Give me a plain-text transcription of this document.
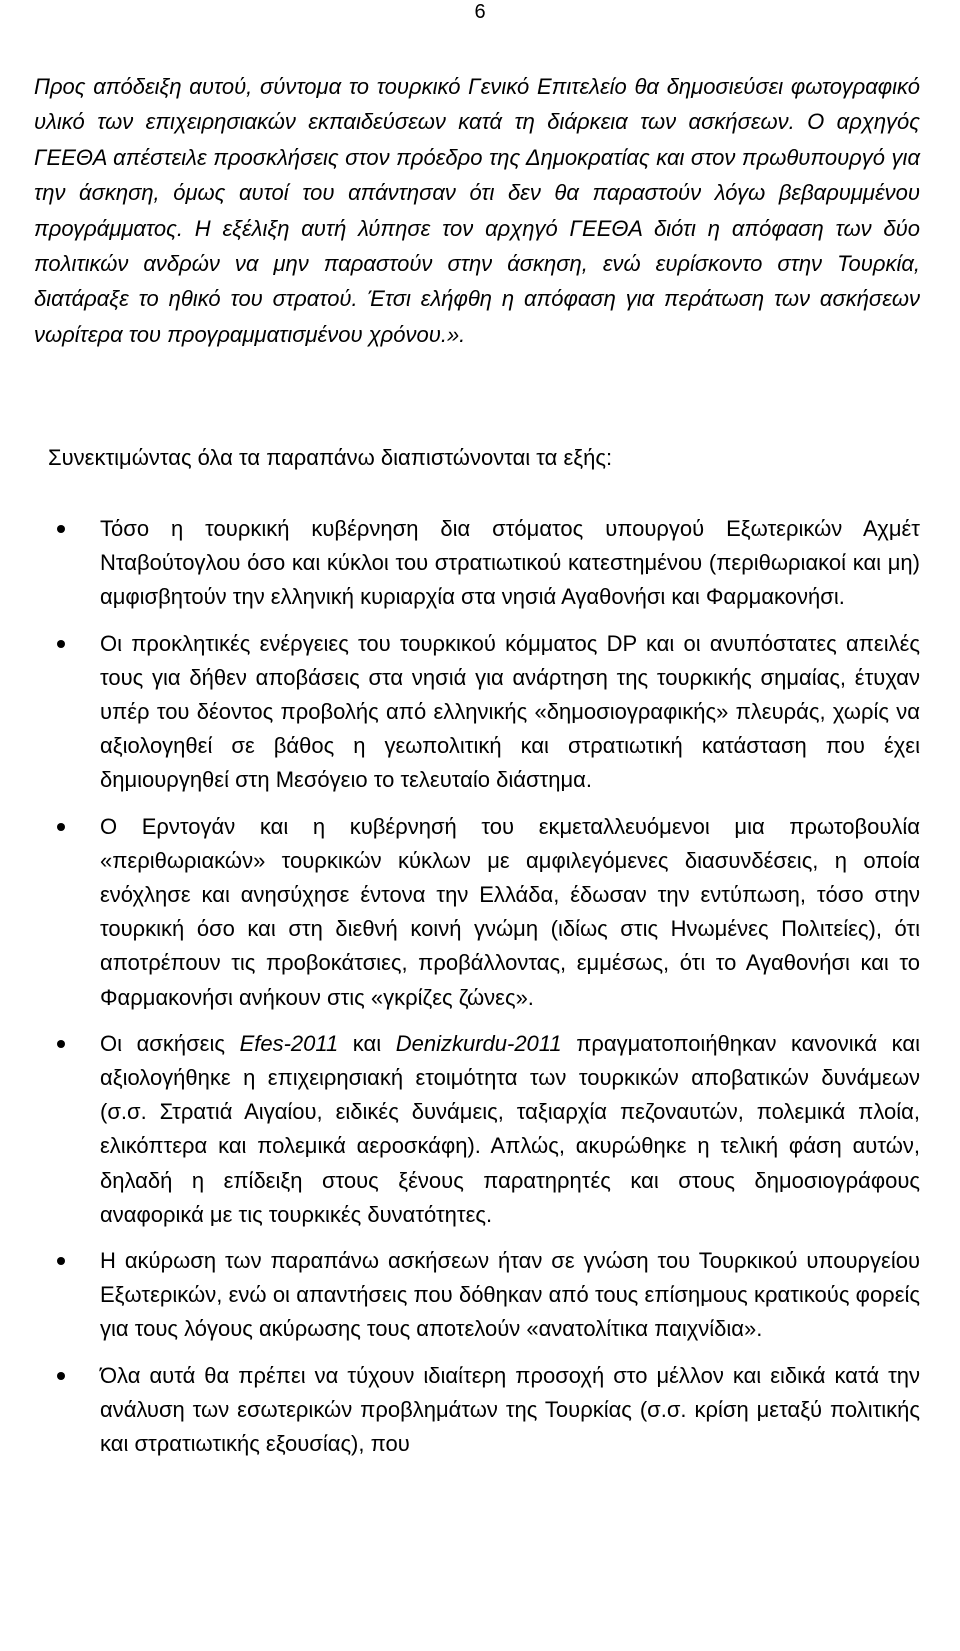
6

Προς απόδειξη αυτού, σύντομα το τουρκικό Γενικό Επιτελείο θα δημοσιεύσει φωτογραφικό υλικό των επιχειρησιακών εκπαιδεύσεων κατά τη διάρκεια των ασκήσεων. Ο αρχηγός ΓΕΕΘΑ απέστειλε προσκλήσεις στον πρόεδρο της Δημοκρατίας και στον πρωθυπουργό για την άσκηση, όμως αυτοί του απάντησαν ότι δεν θα παραστούν λόγω βεβαρυμμένου προγράμματος. Η εξέλιξη αυτή λύπησε τον αρχηγό ΓΕΕΘΑ διότι η απόφαση των δύο πολιτικών ανδρών να μην παραστούν στην άσκηση, ενώ ευρίσκοντο στην Τουρκία, διατάραξε το ηθικό του στρατού. Έτσι ελήφθη η απόφαση για περάτωση των ασκήσεων νωρίτερα του προγραμματισμένου χρόνου.».

Συνεκτιμώντας όλα τα παραπάνω διαπιστώνονται τα εξής:

Τόσο η τουρκική κυβέρνηση δια στόματος υπουργού Εξωτερικών Αχμέτ Νταβούτογλου όσο και κύκλοι του στρατιωτικού κατεστημένου (περιθωριακοί και μη) αμφισβητούν την ελληνική κυριαρχία στα νησιά Αγαθονήσι και Φαρμακονήσι.
Οι προκλητικές ενέργειες του τουρκικού κόμματος DP και οι ανυπόστατες απειλές τους για δήθεν αποβάσεις στα νησιά για ανάρτηση της τουρκικής σημαίας, έτυχαν υπέρ του δέοντος προβολής από ελληνικής «δημοσιογραφικής» πλευράς, χωρίς να αξιολογηθεί σε βάθος η γεωπολιτική και στρατιωτική κατάσταση που έχει δημιουργηθεί στη Μεσόγειο το τελευταίο διάστημα.
Ο Ερντογάν και η κυβέρνησή του εκμεταλλευόμενοι μια πρωτοβουλία «περιθωριακών» τουρκικών κύκλων με αμφιλεγόμενες διασυνδέσεις, η οποία ενόχλησε και ανησύχησε έντονα την Ελλάδα, έδωσαν την εντύπωση, τόσο στην τουρκική όσο και στη διεθνή κοινή γνώμη (ιδίως στις Ηνωμένες Πολιτείες), ότι αποτρέπουν τις προβοκάτσιες, προβάλλοντας, εμμέσως, ότι το Αγαθονήσι και το Φαρμακονήσι ανήκουν στις «γκρίζες ζώνες».
Οι ασκήσεις Efes-2011 και Denizkurdu-2011 πραγματοποιήθηκαν κανονικά και αξιολογήθηκε η επιχειρησιακή ετοιμότητα των τουρκικών αποβατικών δυνάμεων (σ.σ. Στρατιά Αιγαίου, ειδικές δυνάμεις, ταξιαρχία πεζοναυτών, πολεμικά πλοία, ελικόπτερα και πολεμικά αεροσκάφη). Απλώς, ακυρώθηκε η τελική φάση αυτών, δηλαδή η επίδειξη στους ξένους παρατηρητές και στους δημοσιογράφους αναφορικά με τις τουρκικές δυνατότητες.
Η ακύρωση των παραπάνω ασκήσεων ήταν σε γνώση του Τουρκικού υπουργείου Εξωτερικών, ενώ οι απαντήσεις που δόθηκαν από τους επίσημους κρατικούς φορείς για τους λόγους ακύρωσης τους αποτελούν «ανατολίτικα παιχνίδια».
Όλα αυτά θα πρέπει να τύχουν ιδιαίτερη προσοχή στο μέλλον και ειδικά κατά την ανάλυση των εσωτερικών προβλημάτων της Τουρκίας (σ.σ. κρίση μεταξύ πολιτικής και στρατιωτικής εξουσίας), που
